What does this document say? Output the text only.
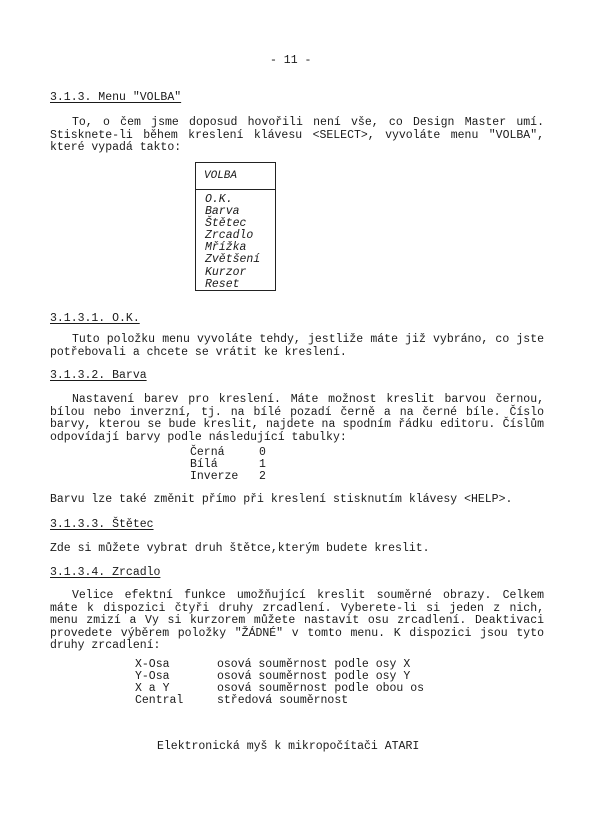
- 11 -
3.1.3. Menu "VOLBA"
To, o čem jsme doposud hovořili není vše, co Design Master umí. Stisknete-li během kreslení klávesu <SELECT>, vyvoláte menu "VOLBA", které vypadá takto:
VOLBA
O.K.
Barva
Štětec
Zrcadlo
Mřížka
Zvětšení
Kurzor
Reset
3.1.3.1. O.K.
Tuto položku menu vyvoláte tehdy, jestliže máte již vybráno, co jste potřebovali a chcete se vrátit ke kreslení.
3.1.3.2. Barva
Nastavení barev pro kreslení. Máte možnost kreslit barvou černou, bílou nebo inverzní, tj. na bílé pozadí černě a na černé bíle. Číslo barvy, kterou se bude kreslit, najdete na spodním řádku editoru. Číslům odpovídají barvy podle následující tabulky:
Černá	0
Bílá	1
Inverze 2
Barvu lze také změnit přímo při kreslení stisknutím klávesy <HELP>.
3.1.3.3. Štětec
Zde si můžete vybrat druh štětce,kterým budete kreslit.
3.1.3.4. Zrcadlo
Velice efektní funkce umožňující kreslit souměrné obrazy. Celkem máte k dispozici čtyři druhy zrcadlení. Vyberete-li si jeden z nich, menu zmizí a Vy si kurzorem můžete nastavit osu zrcadlení. Deaktivaci provedete výběrem položky "ŽÁDNÉ" v tomto menu. K dispozici jsou tyto druhy zrcadlení:
X-Osa	osová souměrnost podle osy X
Y-Osa	osová souměrnost podle osy Y
X a Y	osová souměrnost podle obou os
Central	středová souměrnost
Elektronická myš k mikropočítači ATARI
